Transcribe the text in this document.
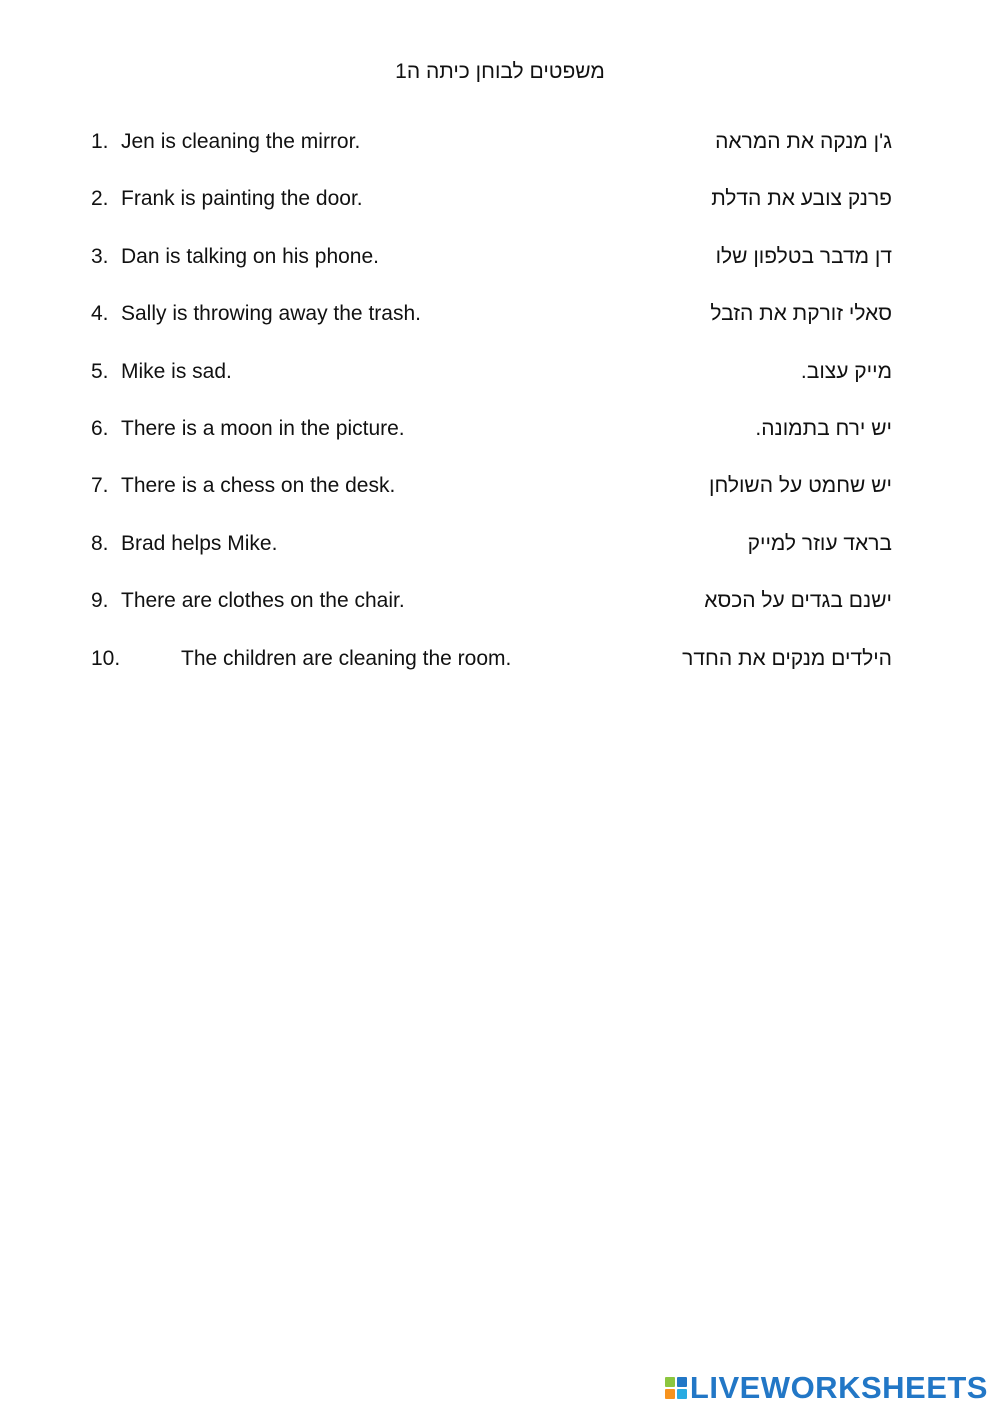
משפטים לבוחן כיתה ה1
1. Jen is cleaning the mirror.	ג'ן מנקה את המראה
2. Frank is painting the door.	פרנק צובע את הדלת
3. Dan is talking on his phone.	דן מדבר בטלפון שלו
4. Sally is throwing away the trash.	סאלי זורקת את הזבל
5. Mike is sad.	מייק עצוב.
6. There is a moon in the picture.	יש ירח בתמונה.
7. There is a chess on the desk.	יש שחמט על השולחן
8. Brad helps Mike.	בראד עוזר למייק
9. There are clothes on the chair.	ישנם בגדים על הכסא
10.	The children are cleaning the room.	הילדים מנקים את החדר
LIVEWORKSHEETS
